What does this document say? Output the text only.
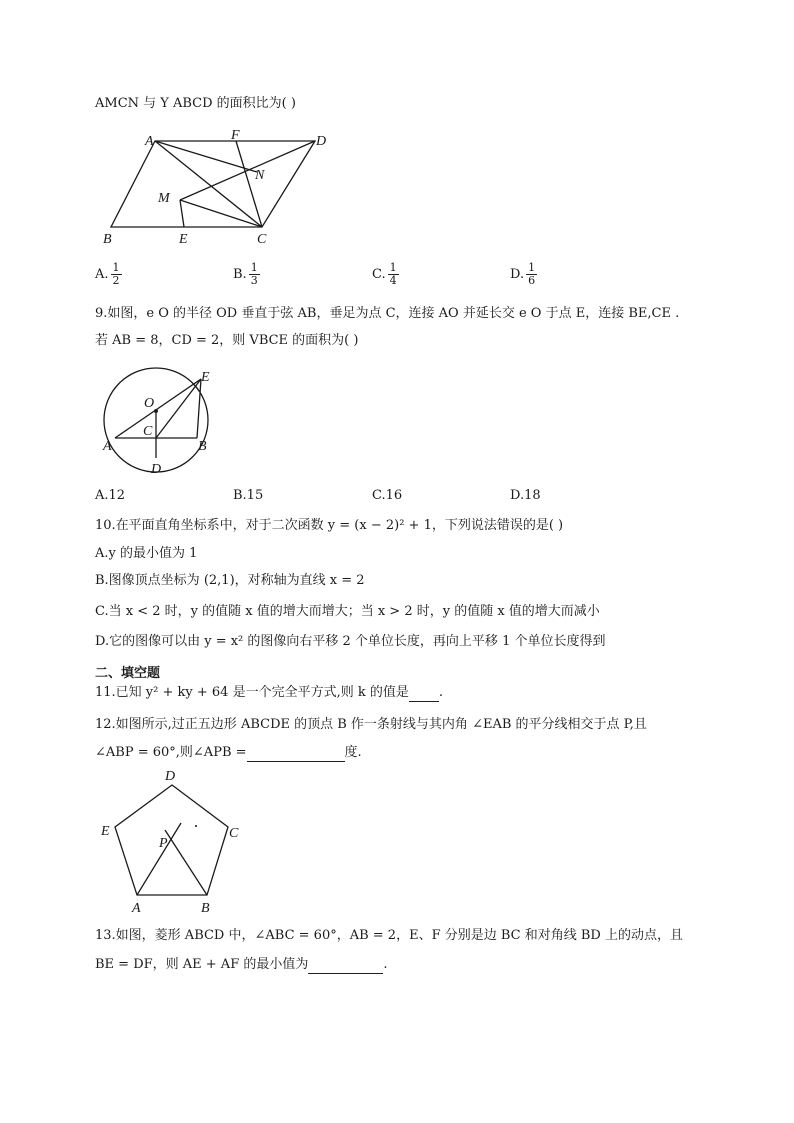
AMCN 与 Y ABCD 的面积比为( )
A	F	D
N
M
B	E	C
A. $\frac{1}{2}$	B. $\frac{1}{3}$	C. $\frac{1}{4}$	D. $\frac{1}{6}$
9.如图，e O 的半径 OD 垂直于弦 AB，垂足为点 C，连接 AO 并延长交 e O 于点 E，连接 BE,CE .
若 AB = 8，CD = 2，则 VBCE 的面积为( )
O
E
C
A	B
D
A.12	B.15	C.16	D.18
10.在平面直角坐标系中，对于二次函数 y = (x − 2)² + 1，下列说法错误的是( )
A.y 的最小值为 1
B.图像顶点坐标为 (2,1)，对称轴为直线 x = 2
C.当 x < 2 时，y 的值随 x 值的增大而增大；当 x > 2 时，y 的值随 x 值的增大而减小
D.它的图像可以由 y = x² 的图像向右平移 2 个单位长度，再向上平移 1 个单位长度得到
二、填空题
11.已知 y² + ky + 64 是一个完全平方式,则 k 的值是 .
12.如图所示,过正五边形 ABCDE 的顶点 B 作一条射线与其内角 ∠EAB 的平分线相交于点 P,且
∠ABP = 60°,则∠APB =	度.
D
E	C
P
A	B
13.如图，菱形 ABCD 中，∠ABC = 60°，AB = 2，E、F 分别是边 BC 和对角线 BD 上的动点，且
BE = DF，则 AE + AF 的最小值为	.
